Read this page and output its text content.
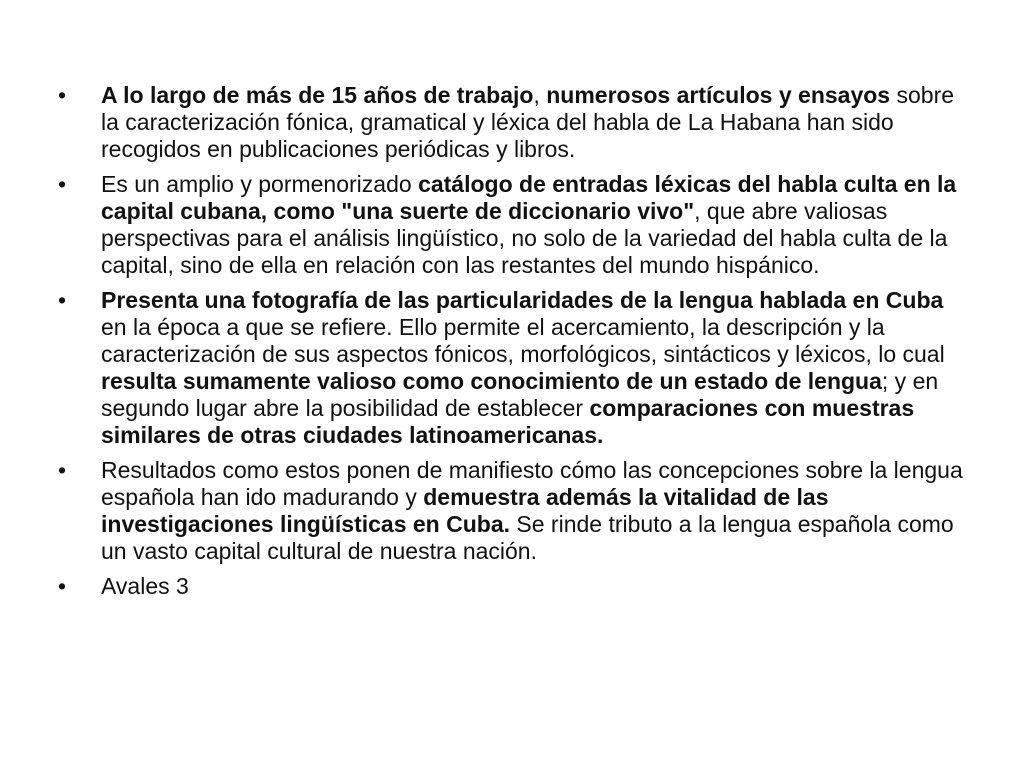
•	A lo largo de más de 15 años de trabajo, numerosos artículos y ensayos sobre la caracterización fónica, gramatical y léxica del habla de La Habana han sido recogidos en publicaciones periódicas y libros.
•	Es un amplio y pormenorizado catálogo de entradas léxicas del habla culta en la capital cubana, como "una suerte de diccionario vivo", que abre valiosas perspectivas para el análisis lingüístico, no solo de la variedad del habla culta de la capital, sino de ella en relación con las restantes del mundo hispánico.
•	Presenta una fotografía de las particularidades de la lengua hablada en Cuba en la época a que se refiere. Ello permite el acercamiento, la descripción y la caracterización de sus aspectos fónicos, morfológicos, sintácticos y léxicos, lo cual resulta sumamente valioso como conocimiento de un estado de lengua; y en segundo lugar abre la posibilidad de establecer comparaciones con muestras similares de otras ciudades latinoamericanas.
•	Resultados como estos ponen de manifiesto cómo las concepciones sobre la lengua española han ido madurando y demuestra además la vitalidad de las investigaciones lingüísticas en Cuba. Se rinde tributo a la lengua española como un vasto capital cultural de nuestra nación.
•	Avales 3
